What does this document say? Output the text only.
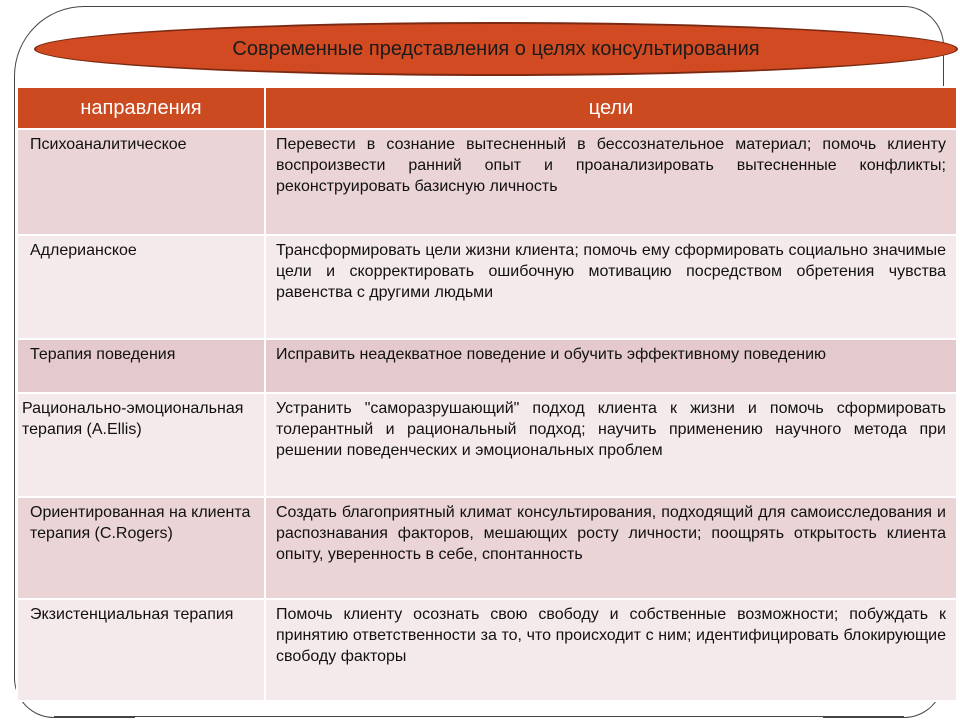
Современные представления о целях консультирования
направления	цели
Психоаналитическое	Перевести в сознание вытесненный в бессознательное материал; помочь клиенту воспроизвести ранний опыт и проанализировать вытесненные конфликты; реконструировать базисную личность
Адлерианское	Трансформировать цели жизни клиента; помочь ему сформировать социально значимые цели и скорректировать ошибочную мотивацию посредством обретения чувства равенства с другими людьми
Терапия поведения	Исправить неадекватное поведение и обучить эффективному поведению
Рационально-эмоциональная терапия (A.Ellis)	Устранить "саморазрушающий" подход клиента к жизни и помочь сформировать толерантный и рациональный подход; научить применению научного метода при решении поведенческих и эмоциональных проблем
Ориентированная на клиента терапия (C.Rogers)	Создать благоприятный климат консультирования, подходящий для самоисследования и распознавания факторов, мешающих росту личности; поощрять открытость клиента опыту, уверенность в себе, спонтанность
Экзистенциальная терапия	Помочь клиенту осознать свою свободу и собственные возможности; побуждать к принятию ответственности за то, что происходит с ним; идентифицировать блокирующие свободу факторы
